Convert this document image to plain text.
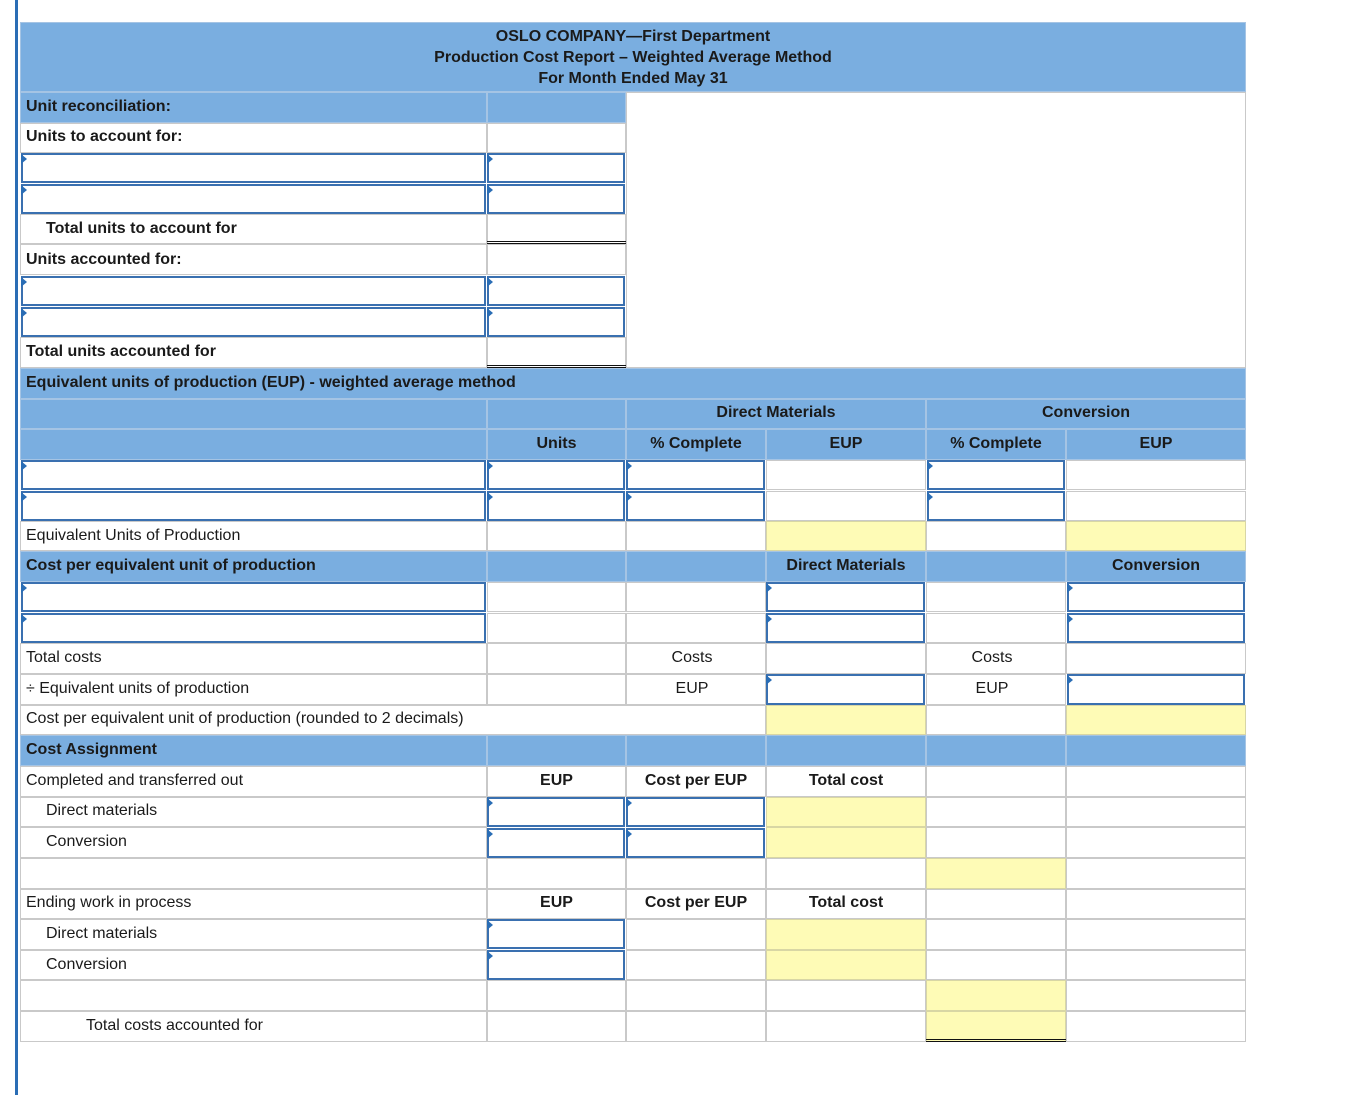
OSLO COMPANY—First Department
Production Cost Report – Weighted Average Method
For Month Ended May 31
Unit reconciliation:
Units to account for:
Total units to account for
Units accounted for:
Total units accounted for
Equivalent units of production (EUP) - weighted average method
Direct Materials	Conversion
Units	% Complete	EUP	% Complete	EUP
Equivalent Units of Production
Cost per equivalent unit of production	Direct Materials	Conversion
Total costs	Costs	Costs
÷ Equivalent units of production	EUP	EUP
Cost per equivalent unit of production (rounded to 2 decimals)
Cost Assignment
Completed and transferred out	EUP	Cost per EUP	Total cost
Direct materials
Conversion
Ending work in process	EUP	Cost per EUP	Total cost
Direct materials
Conversion
Total costs accounted for
